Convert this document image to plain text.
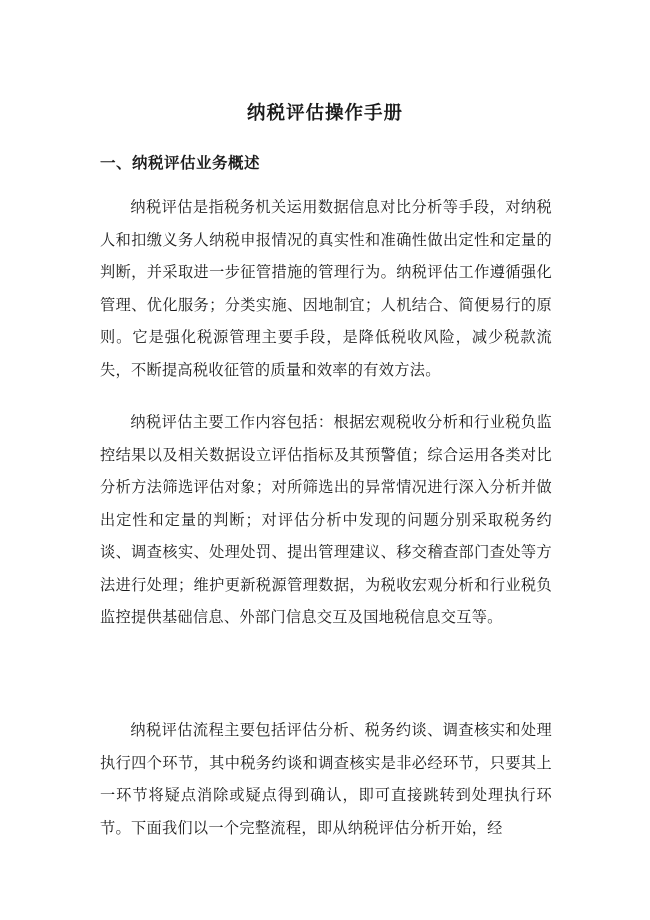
纳税评估操作手册
一、纳税评估业务概述

纳税评估是指税务机关运用数据信息对比分析等手段，对纳税人和扣缴义务人纳税申报情况的真实性和准确性做出定性和定量的判断，并采取进一步征管措施的管理行为。纳税评估工作遵循强化管理、优化服务；分类实施、因地制宜；人机结合、简便易行的原则。它是强化税源管理主要手段，是降低税收风险，减少税款流失，不断提高税收征管的质量和效率的有效方法。

纳税评估主要工作内容包括：根据宏观税收分析和行业税负监控结果以及相关数据设立评估指标及其预警值；综合运用各类对比分析方法筛选评估对象；对所筛选出的异常情况进行深入分析并做出定性和定量的判断；对评估分析中发现的问题分别采取税务约谈、调查核实、处理处罚、提出管理建议、移交稽查部门查处等方法进行处理；维护更新税源管理数据，为税收宏观分析和行业税负监控提供基础信息、外部门信息交互及国地税信息交互等。

纳税评估流程主要包括评估分析、税务约谈、调查核实和处理执行四个环节，其中税务约谈和调查核实是非必经环节，只要其上一环节将疑点消除或疑点得到确认，即可直接跳转到处理执行环节。下面我们以一个完整流程，即从纳税评估分析开始，经
